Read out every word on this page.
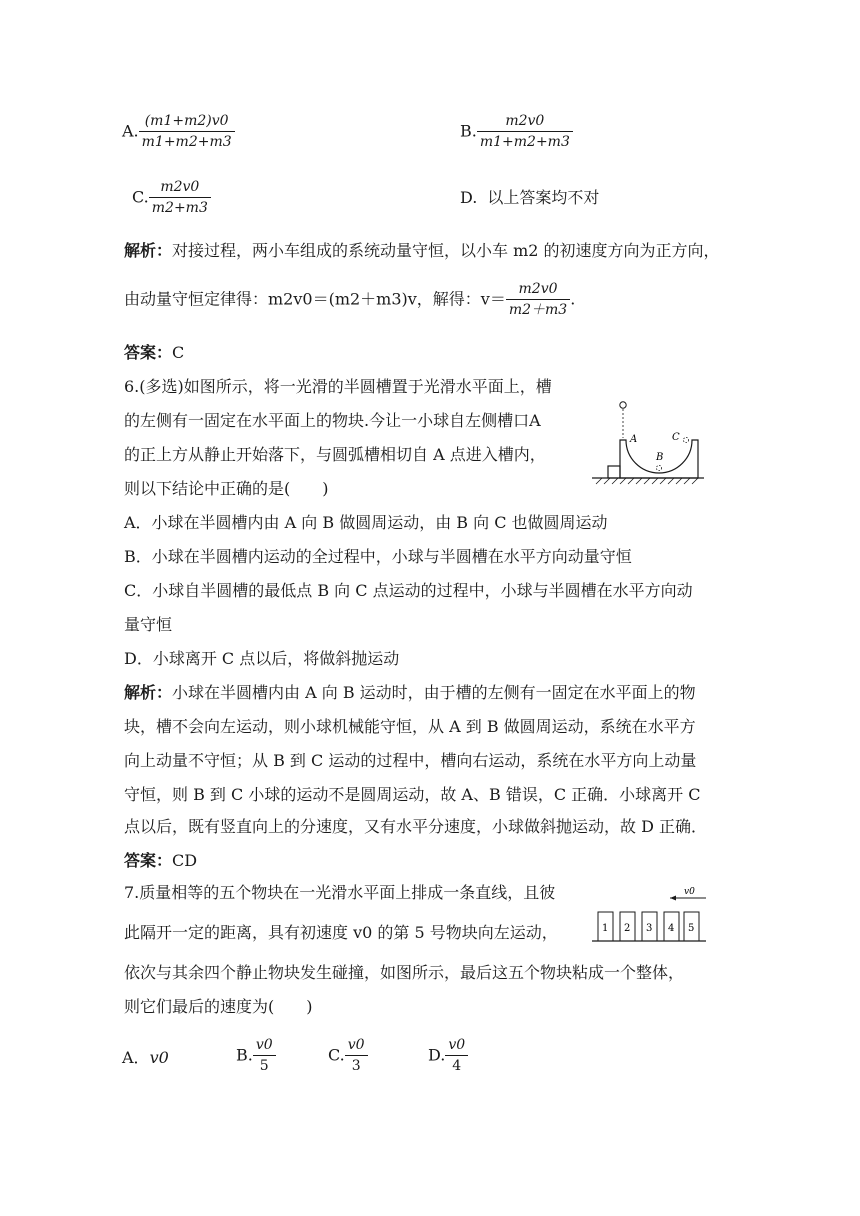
A. $\frac{(m1+m2)v0}{m1+m2+m3}$	B. $\frac{m2v0}{m1+m2+m3}$
C. $\frac{m2v0}{m2+m3}$	D. 以上答案均不对
解析：对接过程，两小车组成的系统动量守恒，以小车 m2 的初速度方向为正方向，
由动量守恒定律得：m2v0＝(m2＋m3)v，解得：$v= \frac{m2v0}{m2+m3}$ .
答案：C
6.(多选)如图所示，将一光滑的半圆槽置于光滑水平面上，槽
的左侧有一固定在水平面上的物块.今让一小球自左侧槽口A
的正上方从静止开始落下，与圆弧槽相切自 A 点进入槽内，
则以下结论中正确的是(　　)
A	C
B
A．小球在半圆槽内由 A 向 B 做圆周运动，由 B 向 C 也做圆周运动
B．小球在半圆槽内运动的全过程中，小球与半圆槽在水平方向动量守恒
C．小球自半圆槽的最低点 B 向 C 点运动的过程中，小球与半圆槽在水平方向动
量守恒
D．小球离开 C 点以后，将做斜抛运动
解析：小球在半圆槽内由 A 向 B 运动时，由于槽的左侧有一固定在水平面上的物
块，槽不会向左运动，则小球机械能守恒，从 A 到 B 做圆周运动，系统在水平方
向上动量不守恒；从 B 到 C 运动的过程中，槽向右运动，系统在水平方向上动量
守恒，则 B 到 C 小球的运动不是圆周运动，故 A、B 错误，C 正确．小球离开 C
点以后，既有竖直向上的分速度，又有水平分速度，小球做斜抛运动，故 D 正确．
答案：CD
7.质量相等的五个物块在一光滑水平面上排成一条直线，且彼
此隔开一定的距离，具有初速度 v0 的第 5 号物块向左运动，
依次与其余四个静止物块发生碰撞，如图所示，最后这五个物块粘成一个整体，
则它们最后的速度为(　　)
v0
1 2 3 4 5
A．v0	B. $\frac{v0}{5}$	C. $\frac{v0}{3}$	D. $\frac{v0}{4}$
